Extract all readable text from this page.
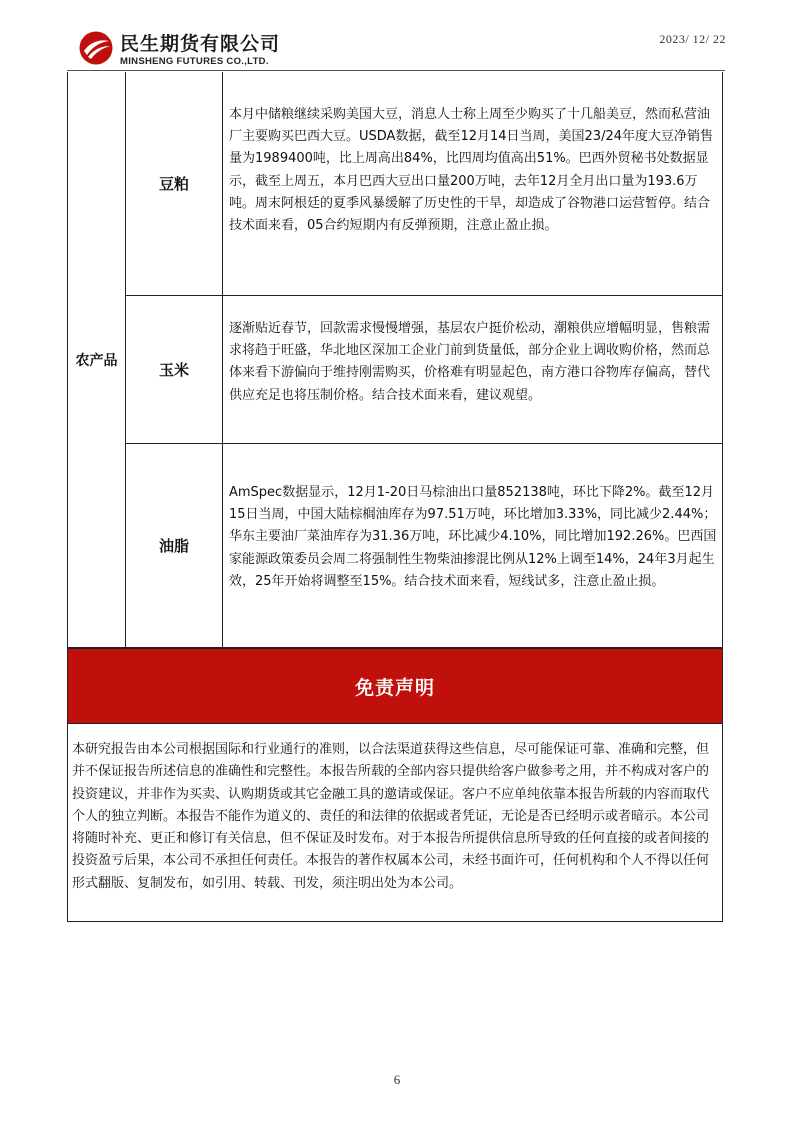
民生期货有限公司
MINSHENG FUTURES CO.,LTD.
2023/ 12/ 22
农产品
豆粕
本月中储粮继续采购美国大豆，消息人士称上周至少购买了十几船美豆，然而私营油厂主要购买巴西大豆。USDA数据，截至12月14日当周，美国23/24年度大豆净销售量为1989400吨，比上周高出84%，比四周均值高出51%。巴西外贸秘书处数据显示，截至上周五，本月巴西大豆出口量200万吨，去年12月全月出口量为193.6万吨。周末阿根廷的夏季风暴缓解了历史性的干旱，却造成了谷物港口运营暂停。结合技术面来看，05合约短期内有反弹预期，注意止盈止损。
玉米
逐渐贴近春节，回款需求慢慢增强，基层农户挺价松动，潮粮供应增幅明显，售粮需求将趋于旺盛，华北地区深加工企业门前到货量低，部分企业上调收购价格，然而总体来看下游偏向于维持刚需购买，价格难有明显起色，南方港口谷物库存偏高，替代供应充足也将压制价格。结合技术面来看，建议观望。
油脂
AmSpec数据显示，12月1-20日马棕油出口量852138吨，环比下降2%。截至12月15日当周，中国大陆棕榈油库存为97.51万吨，环比增加3.33%，同比减少2.44%；华东主要油厂菜油库存为31.36万吨，环比减少4.10%，同比增加192.26%。巴西国家能源政策委员会周二将强制性生物柴油掺混比例从12%上调至14%，24年3月起生效，25年开始将调整至15%。结合技术面来看，短线试多，注意止盈止损。
免责声明
本研究报告由本公司根据国际和行业通行的准则，以合法渠道获得这些信息，尽可能保证可靠、准确和完整，但并不保证报告所述信息的准确性和完整性。本报告所载的全部内容只提供给客户做参考之用，并不构成对客户的投资建议，并非作为买卖、认购期货或其它金融工具的邀请或保证。客户不应单纯依靠本报告所载的内容而取代个人的独立判断。本报告不能作为道义的、责任的和法律的依据或者凭证，无论是否已经明示或者暗示。本公司将随时补充、更正和修订有关信息，但不保证及时发布。对于本报告所提供信息所导致的任何直接的或者间接的投资盈亏后果，本公司不承担任何责任。本报告的著作权属本公司，未经书面许可，任何机构和个人不得以任何形式翻版、复制发布，如引用、转载、刊发，须注明出处为本公司。
6
